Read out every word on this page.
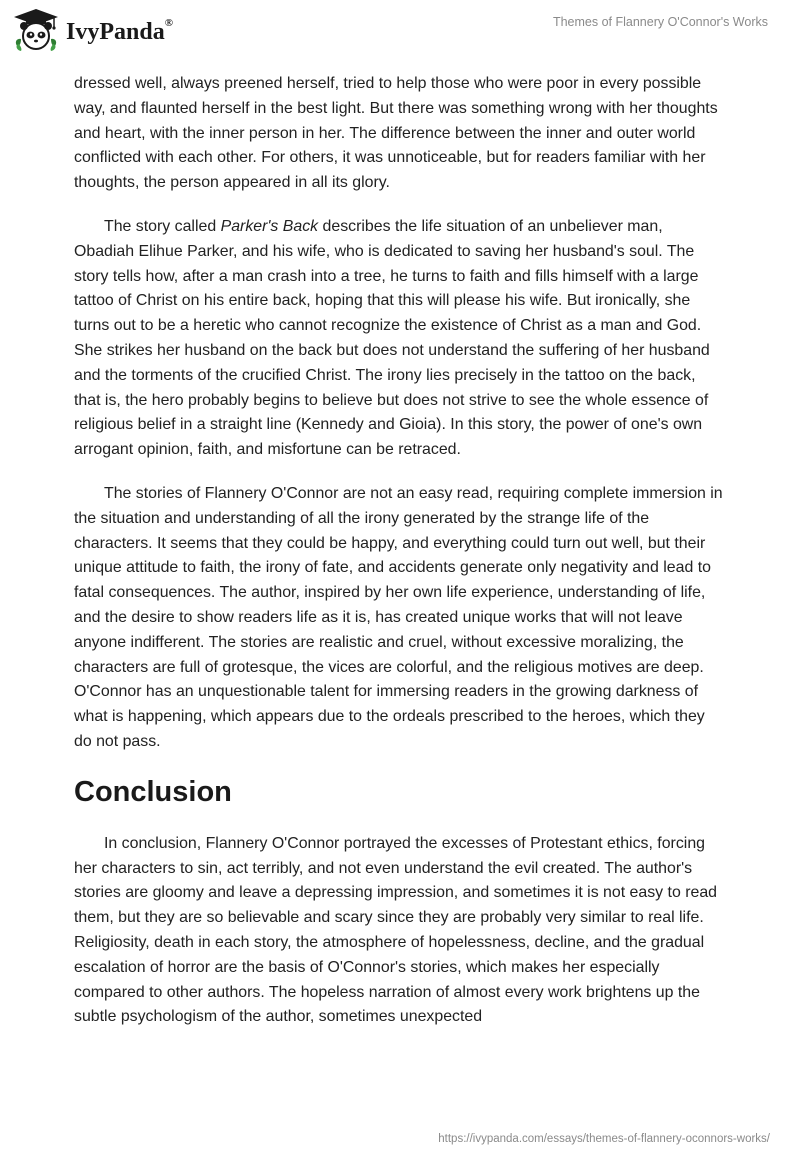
IvyPanda®	Themes of Flannery O'Connor's Works

dressed well, always preened herself, tried to help those who were poor in every possible way, and flaunted herself in the best light. But there was something wrong with her thoughts and heart, with the inner person in her. The difference between the inner and outer world conflicted with each other. For others, it was unnoticeable, but for readers familiar with her thoughts, the person appeared in all its glory.

The story called Parker's Back describes the life situation of an unbeliever man, Obadiah Elihue Parker, and his wife, who is dedicated to saving her husband's soul. The story tells how, after a man crash into a tree, he turns to faith and fills himself with a large tattoo of Christ on his entire back, hoping that this will please his wife. But ironically, she turns out to be a heretic who cannot recognize the existence of Christ as a man and God. She strikes her husband on the back but does not understand the suffering of her husband and the torments of the crucified Christ. The irony lies precisely in the tattoo on the back, that is, the hero probably begins to believe but does not strive to see the whole essence of religious belief in a straight line (Kennedy and Gioia). In this story, the power of one's own arrogant opinion, faith, and misfortune can be retraced.

The stories of Flannery O'Connor are not an easy read, requiring complete immersion in the situation and understanding of all the irony generated by the strange life of the characters. It seems that they could be happy, and everything could turn out well, but their unique attitude to faith, the irony of fate, and accidents generate only negativity and lead to fatal consequences. The author, inspired by her own life experience, understanding of life, and the desire to show readers life as it is, has created unique works that will not leave anyone indifferent. The stories are realistic and cruel, without excessive moralizing, the characters are full of grotesque, the vices are colorful, and the religious motives are deep. O'Connor has an unquestionable talent for immersing readers in the growing darkness of what is happening, which appears due to the ordeals prescribed to the heroes, which they do not pass.

Conclusion

In conclusion, Flannery O'Connor portrayed the excesses of Protestant ethics, forcing her characters to sin, act terribly, and not even understand the evil created. The author's stories are gloomy and leave a depressing impression, and sometimes it is not easy to read them, but they are so believable and scary since they are probably very similar to real life. Religiosity, death in each story, the atmosphere of hopelessness, decline, and the gradual escalation of horror are the basis of O'Connor's stories, which makes her especially compared to other authors. The hopeless narration of almost every work brightens up the subtle psychologism of the author, sometimes unexpected

https://ivypanda.com/essays/themes-of-flannery-oconnors-works/
